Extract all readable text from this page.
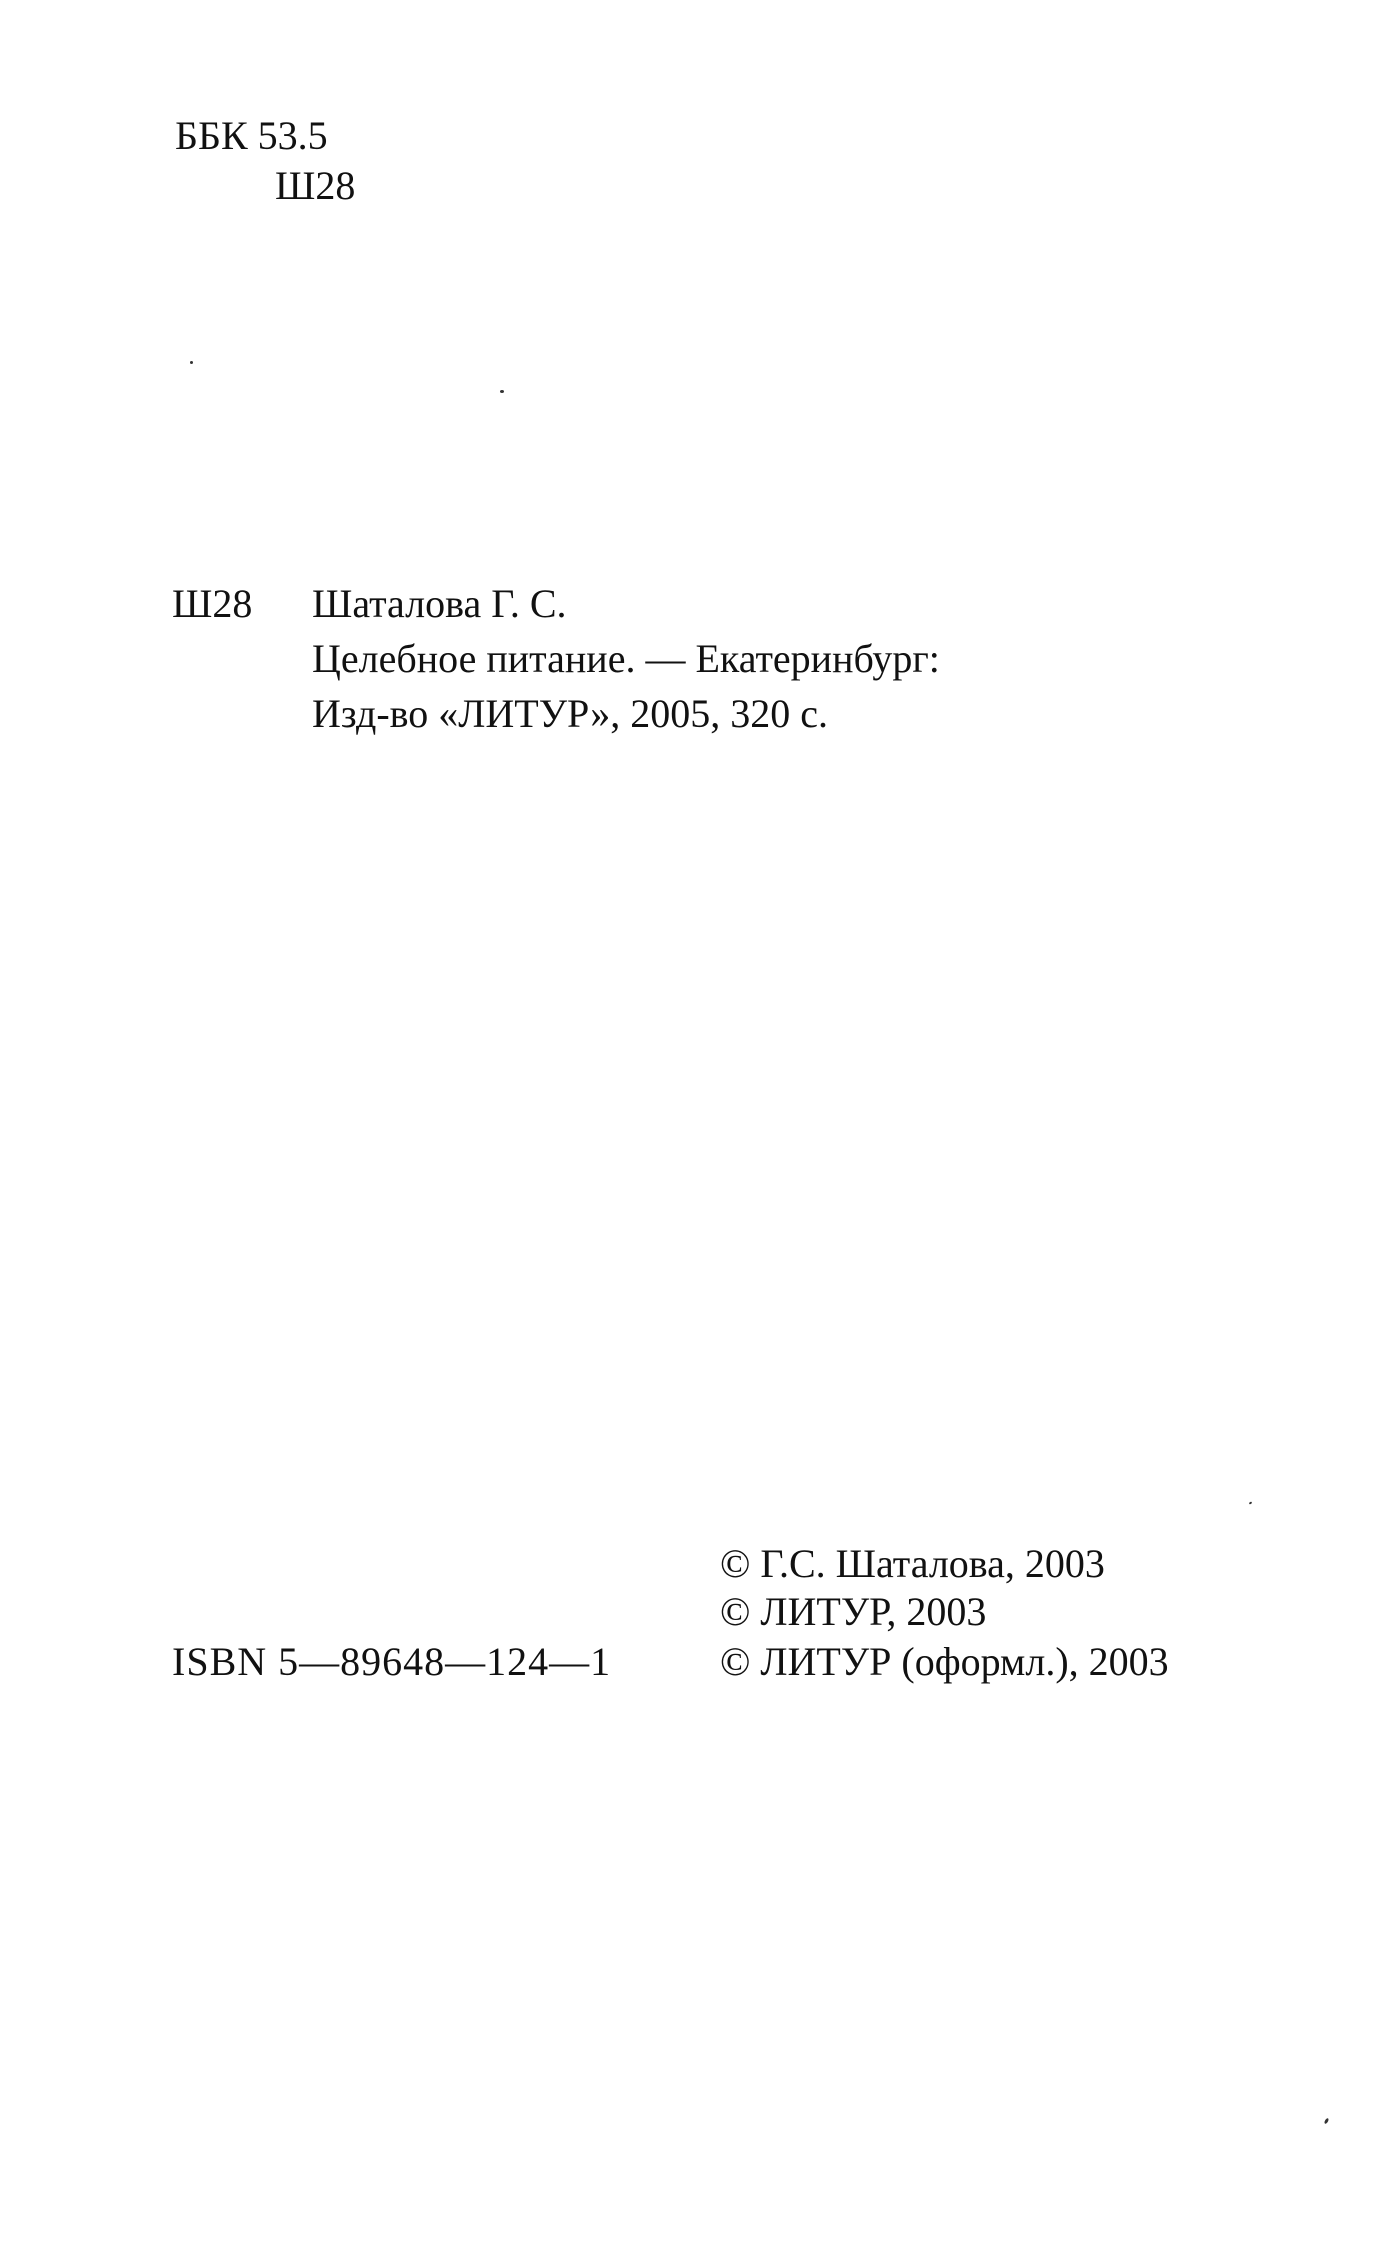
ББК 53.5
Ш28
Ш28 Шаталова Г. С.
Целебное питание. — Екатеринбург:
Изд-во «ЛИТУР», 2005, 320 с.
© Г.С. Шаталова, 2003
© ЛИТУР, 2003
ISBN 5—89648—124—1	© ЛИТУР (оформл.), 2003
